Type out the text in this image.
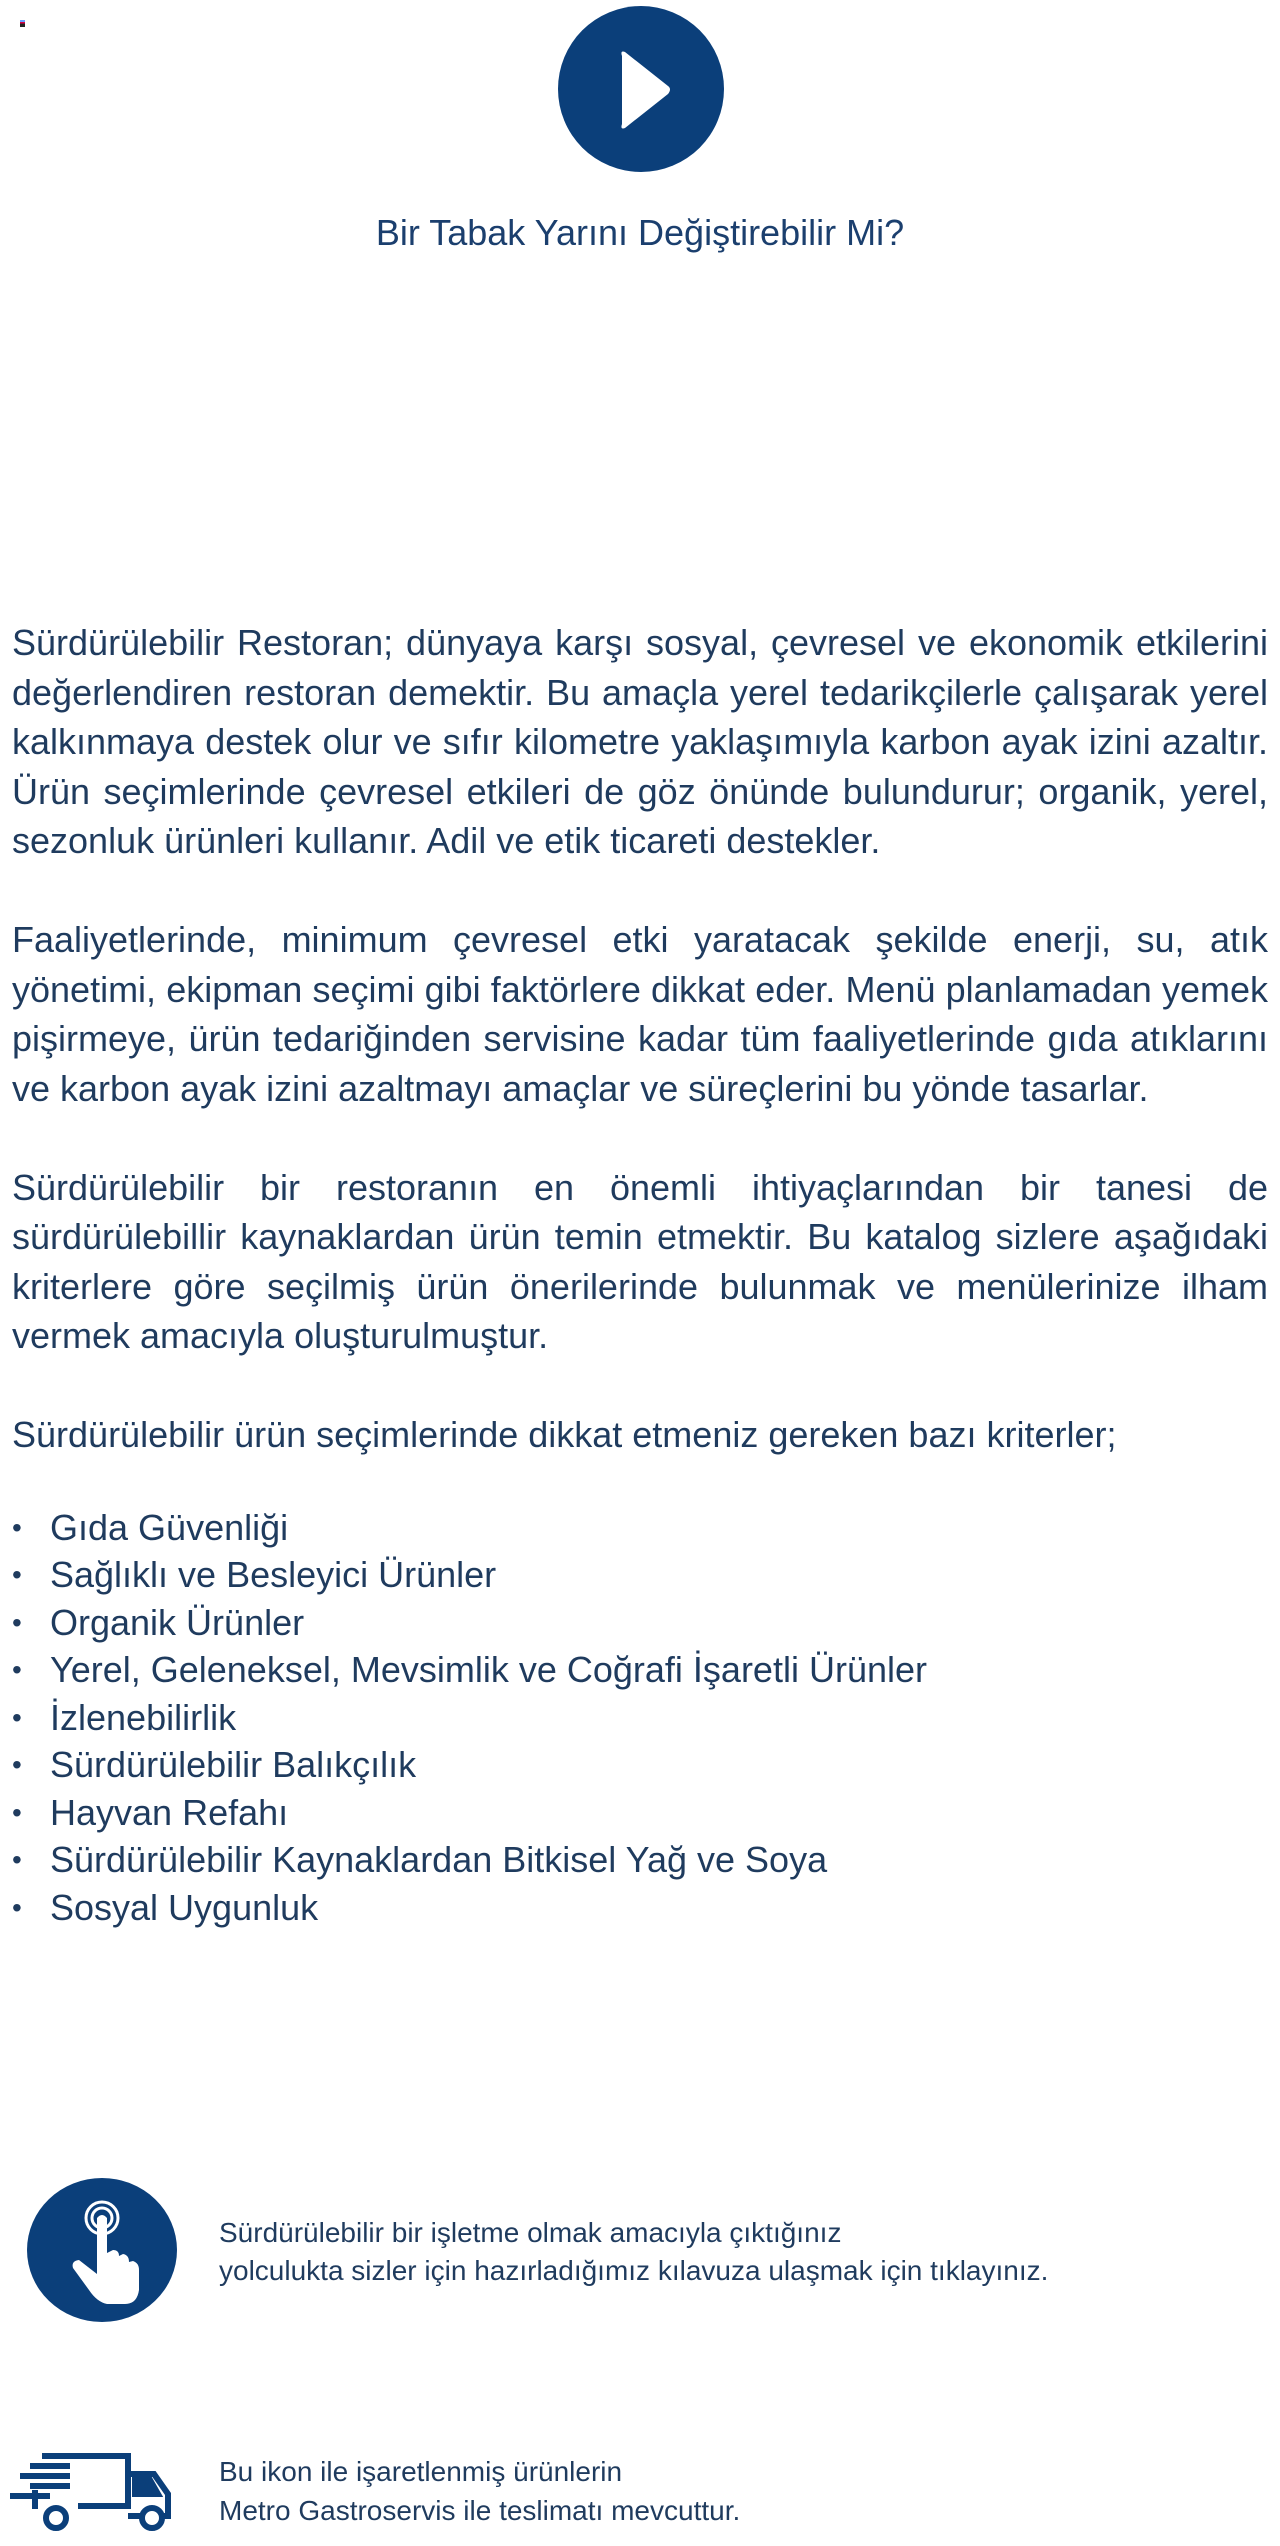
Bir Tabak Yarını Değiştirebilir Mi?

Sürdürülebilir Restoran; dünyaya karşı sosyal, çevresel ve ekonomik etkilerini değerlendiren restoran demektir. Bu amaçla yerel tedarikçilerle çalışarak yerel kalkınmaya destek olur ve sıfır kilometre yaklaşımıyla karbon ayak izini azaltır. Ürün seçimlerinde çevresel etkileri de göz önünde bulundurur; organik, yerel, sezonluk ürünleri kullanır. Adil ve etik ticareti destekler.

Faaliyetlerinde, minimum çevresel etki yaratacak şekilde enerji, su, atık yönetimi, ekipman seçimi gibi faktörlere dikkat eder. Menü planlamadan yemek pişirmeye, ürün tedariğinden servisine kadar tüm faaliyetlerinde gıda atıklarını ve karbon ayak izini azaltmayı amaçlar ve süreçlerini bu yönde tasarlar.

Sürdürülebilir bir restoranın en önemli ihtiyaçlarından bir tanesi de sürdürülebillir kaynaklardan ürün temin etmektir. Bu katalog sizlere aşağıdaki kriterlere göre seçilmiş ürün önerilerinde bulunmak ve menülerinize ilham vermek amacıyla oluşturulmuştur.

Sürdürülebilir ürün seçimlerinde dikkat etmeniz gereken bazı kriterler;

• Gıda Güvenliği
• Sağlıklı ve Besleyici Ürünler
• Organik Ürünler
• Yerel, Geleneksel, Mevsimlik ve Coğrafi İşaretli Ürünler
• İzlenebilirlik
• Sürdürülebilir Balıkçılık
• Hayvan Refahı
• Sürdürülebilir Kaynaklardan Bitkisel Yağ ve Soya
• Sosyal Uygunluk
Sürdürülebilir bir işletme olmak amacıyla çıktığınız
yolculukta sizler için hazırladığımız kılavuza ulaşmak için tıklayınız.
Bu ikon ile işaretlenmiş ürünlerin
Metro Gastroservis ile teslimatı mevcuttur.
